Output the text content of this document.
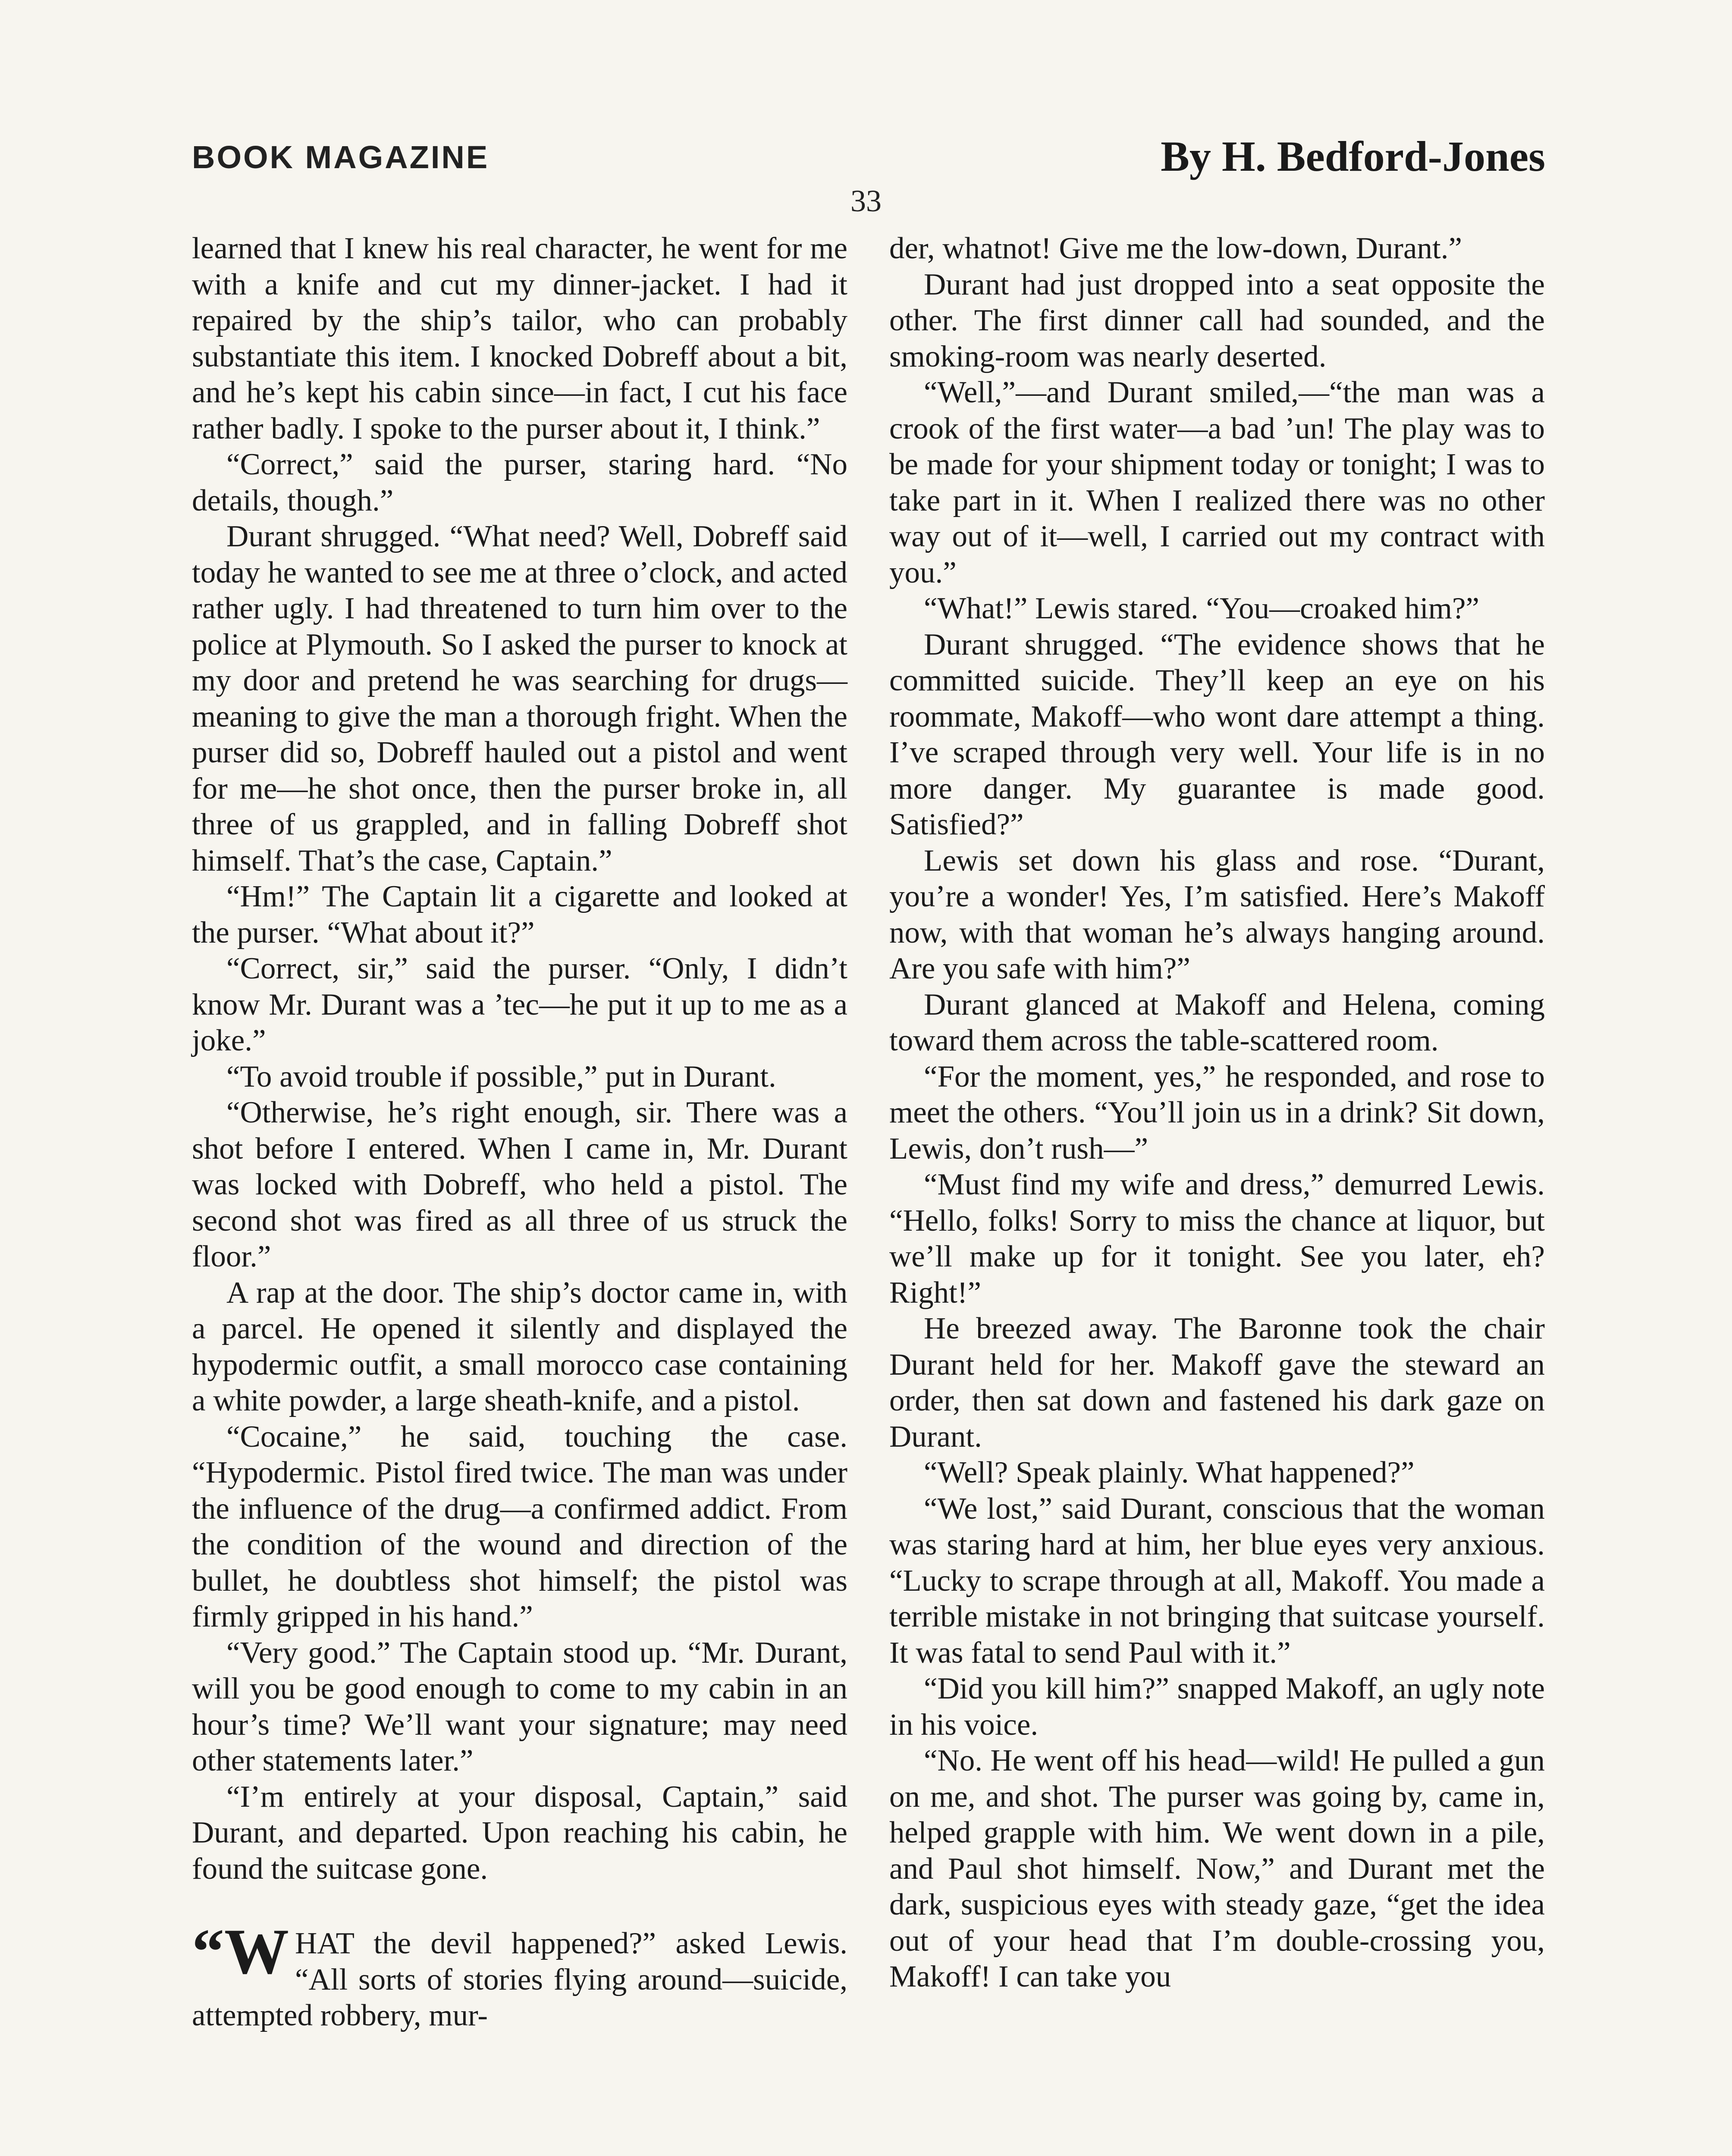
BOOK MAGAZINE	By H. Bedford-Jones
33

learned that I knew his real character, he went for me with a knife and cut my dinner-jacket. I had it repaired by the ship’s tailor, who can probably substantiate this item. I knocked Dobreff about a bit, and he’s kept his cabin since—in fact, I cut his face rather badly. I spoke to the purser about it, I think.”

“Correct,” said the purser, staring hard. “No details, though.”

Durant shrugged. “What need? Well, Dobreff said today he wanted to see me at three o’clock, and acted rather ugly. I had threatened to turn him over to the police at Plymouth. So I asked the purser to knock at my door and pretend he was searching for drugs—meaning to give the man a thorough fright. When the purser did so, Dobreff hauled out a pistol and went for me—he shot once, then the purser broke in, all three of us grappled, and in falling Dobreff shot himself. That’s the case, Captain.”

“Hm!” The Captain lit a cigarette and looked at the purser. “What about it?”

“Correct, sir,” said the purser. “Only, I didn’t know Mr. Durant was a ’tec—he put it up to me as a joke.”

“To avoid trouble if possible,” put in Durant.

“Otherwise, he’s right enough, sir. There was a shot before I entered. When I came in, Mr. Durant was locked with Dobreff, who held a pistol. The second shot was fired as all three of us struck the floor.”

A rap at the door. The ship’s doctor came in, with a parcel. He opened it silently and displayed the hypodermic outfit, a small morocco case containing a white powder, a large sheath-knife, and a pistol.

“Cocaine,” he said, touching the case. “Hypodermic. Pistol fired twice. The man was under the influence of the drug—a confirmed addict. From the condition of the wound and direction of the bullet, he doubtless shot himself; the pistol was firmly gripped in his hand.”

“Very good.” The Captain stood up. “Mr. Durant, will you be good enough to come to my cabin in an hour’s time? We’ll want your signature; may need other statements later.”

“I’m entirely at your disposal, Captain,” said Durant, and departed. Upon reaching his cabin, he found the suitcase gone.

“WHAT the devil happened?” asked Lewis. “All sorts of stories flying around—suicide, attempted robbery, mur-

der, whatnot! Give me the low-down, Durant.”

Durant had just dropped into a seat opposite the other. The first dinner call had sounded, and the smoking-room was nearly deserted.

“Well,”—and Durant smiled,—“the man was a crook of the first water—a bad ’un! The play was to be made for your shipment today or tonight; I was to take part in it. When I realized there was no other way out of it—well, I carried out my contract with you.”

“What!” Lewis stared. “You—croaked him?”

Durant shrugged. “The evidence shows that he committed suicide. They’ll keep an eye on his roommate, Makoff—who wont dare attempt a thing. I’ve scraped through very well. Your life is in no more danger. My guarantee is made good. Satisfied?”

Lewis set down his glass and rose. “Durant, you’re a wonder! Yes, I’m satisfied. Here’s Makoff now, with that woman he’s always hanging around. Are you safe with him?”

Durant glanced at Makoff and Helena, coming toward them across the table-scattered room.

“For the moment, yes,” he responded, and rose to meet the others. “You’ll join us in a drink? Sit down, Lewis, don’t rush—”

“Must find my wife and dress,” demurred Lewis. “Hello, folks! Sorry to miss the chance at liquor, but we’ll make up for it tonight. See you later, eh? Right!”

He breezed away. The Baronne took the chair Durant held for her. Makoff gave the steward an order, then sat down and fastened his dark gaze on Durant.

“Well? Speak plainly. What happened?”

“We lost,” said Durant, conscious that the woman was staring hard at him, her blue eyes very anxious. “Lucky to scrape through at all, Makoff. You made a terrible mistake in not bringing that suitcase yourself. It was fatal to send Paul with it.”

“Did you kill him?” snapped Makoff, an ugly note in his voice.

“No. He went off his head—wild! He pulled a gun on me, and shot. The purser was going by, came in, helped grapple with him. We went down in a pile, and Paul shot himself. Now,” and Durant met the dark, suspicious eyes with steady gaze, “get the idea out of your head that I’m double-crossing you, Makoff! I can take you
